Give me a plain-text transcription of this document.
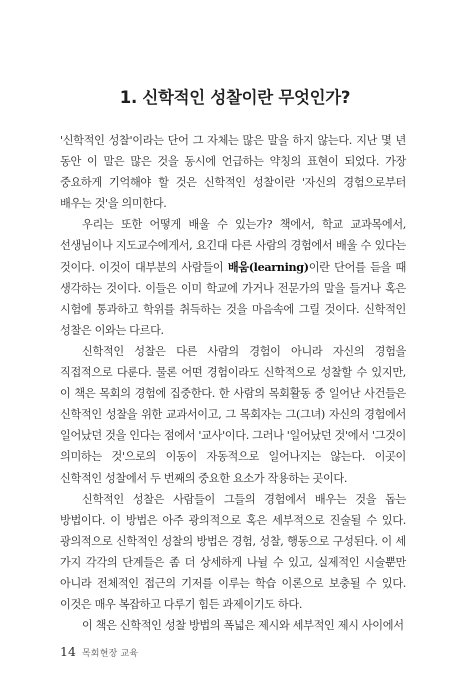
1. 신학적인 성찰이란 무엇인가?

'신학적인 성찰'이라는 단어 그 자체는 많은 말을 하지 않는다. 지난 몇 년 동안 이 말은 많은 것을 동시에 언급하는 약칭의 표현이 되었다. 가장 중요하게 기억해야 할 것은 신학적인 성찰이란 '자신의 경험으로부터 배우는 것'을 의미한다.

우리는 또한 어떻게 배울 수 있는가? 책에서, 학교 교과목에서, 선생님이나 지도교수에게서, 요긴대 다른 사람의 경험에서 배울 수 있다는 것이다. 이것이 대부분의 사람들이 배움(learning)이란 단어를 듣을 때 생각하는 것이다. 이들은 이미 학교에 가거나 전문가의 말을 들거나 혹은 시험에 통과하고 학위를 취득하는 것을 마음속에 그릴 것이다. 신학적인 성찰은 이와는 다르다.

신학적인 성찰은 다른 사람의 경험이 아니라 자신의 경험을 직접적으로 다룬다. 물론 어떤 경험이라도 신학적으로 성찰할 수 있지만, 이 책은 목회의 경험에 집중한다. 한 사람의 목회활동 중 일어난 사건들은 신학적인 성찰을 위한 교과서이고, 그 목회자는 그(그녀) 자신의 경험에서 일어났던 것을 인다는 점에서 '교사'이다. 그러나 '일어났던 것'에서 '그것이 의미하는 것'으로의 이동이 자동적으로 일어나지는 않는다. 이곳이 신학적인 성찰에서 두 번째의 중요한 요소가 작용하는 곳이다.

신학적인 성찰은 사람들이 그들의 경험에서 배우는 것을 돕는 방법이다. 이 방법은 아주 광의적으로 혹은 세부적으로 진술될 수 있다. 광의적으로 신학적인 성찰의 방법은 경험, 성찰, 행동으로 구성된다. 이 세 가지 각각의 단계들은 좀 더 상세하게 나뉠 수 있고, 실제적인 시술뿐만 아니라 전체적인 접근의 기저를 이루는 학습 이론으로 보충될 수 있다. 이것은 매우 복잡하고 다루기 힘든 과제이기도 하다.

이 책은 신학적인 성찰 방법의 폭넓은 제시와 세부적인 제시 사이에서

14 목회현장 교육
